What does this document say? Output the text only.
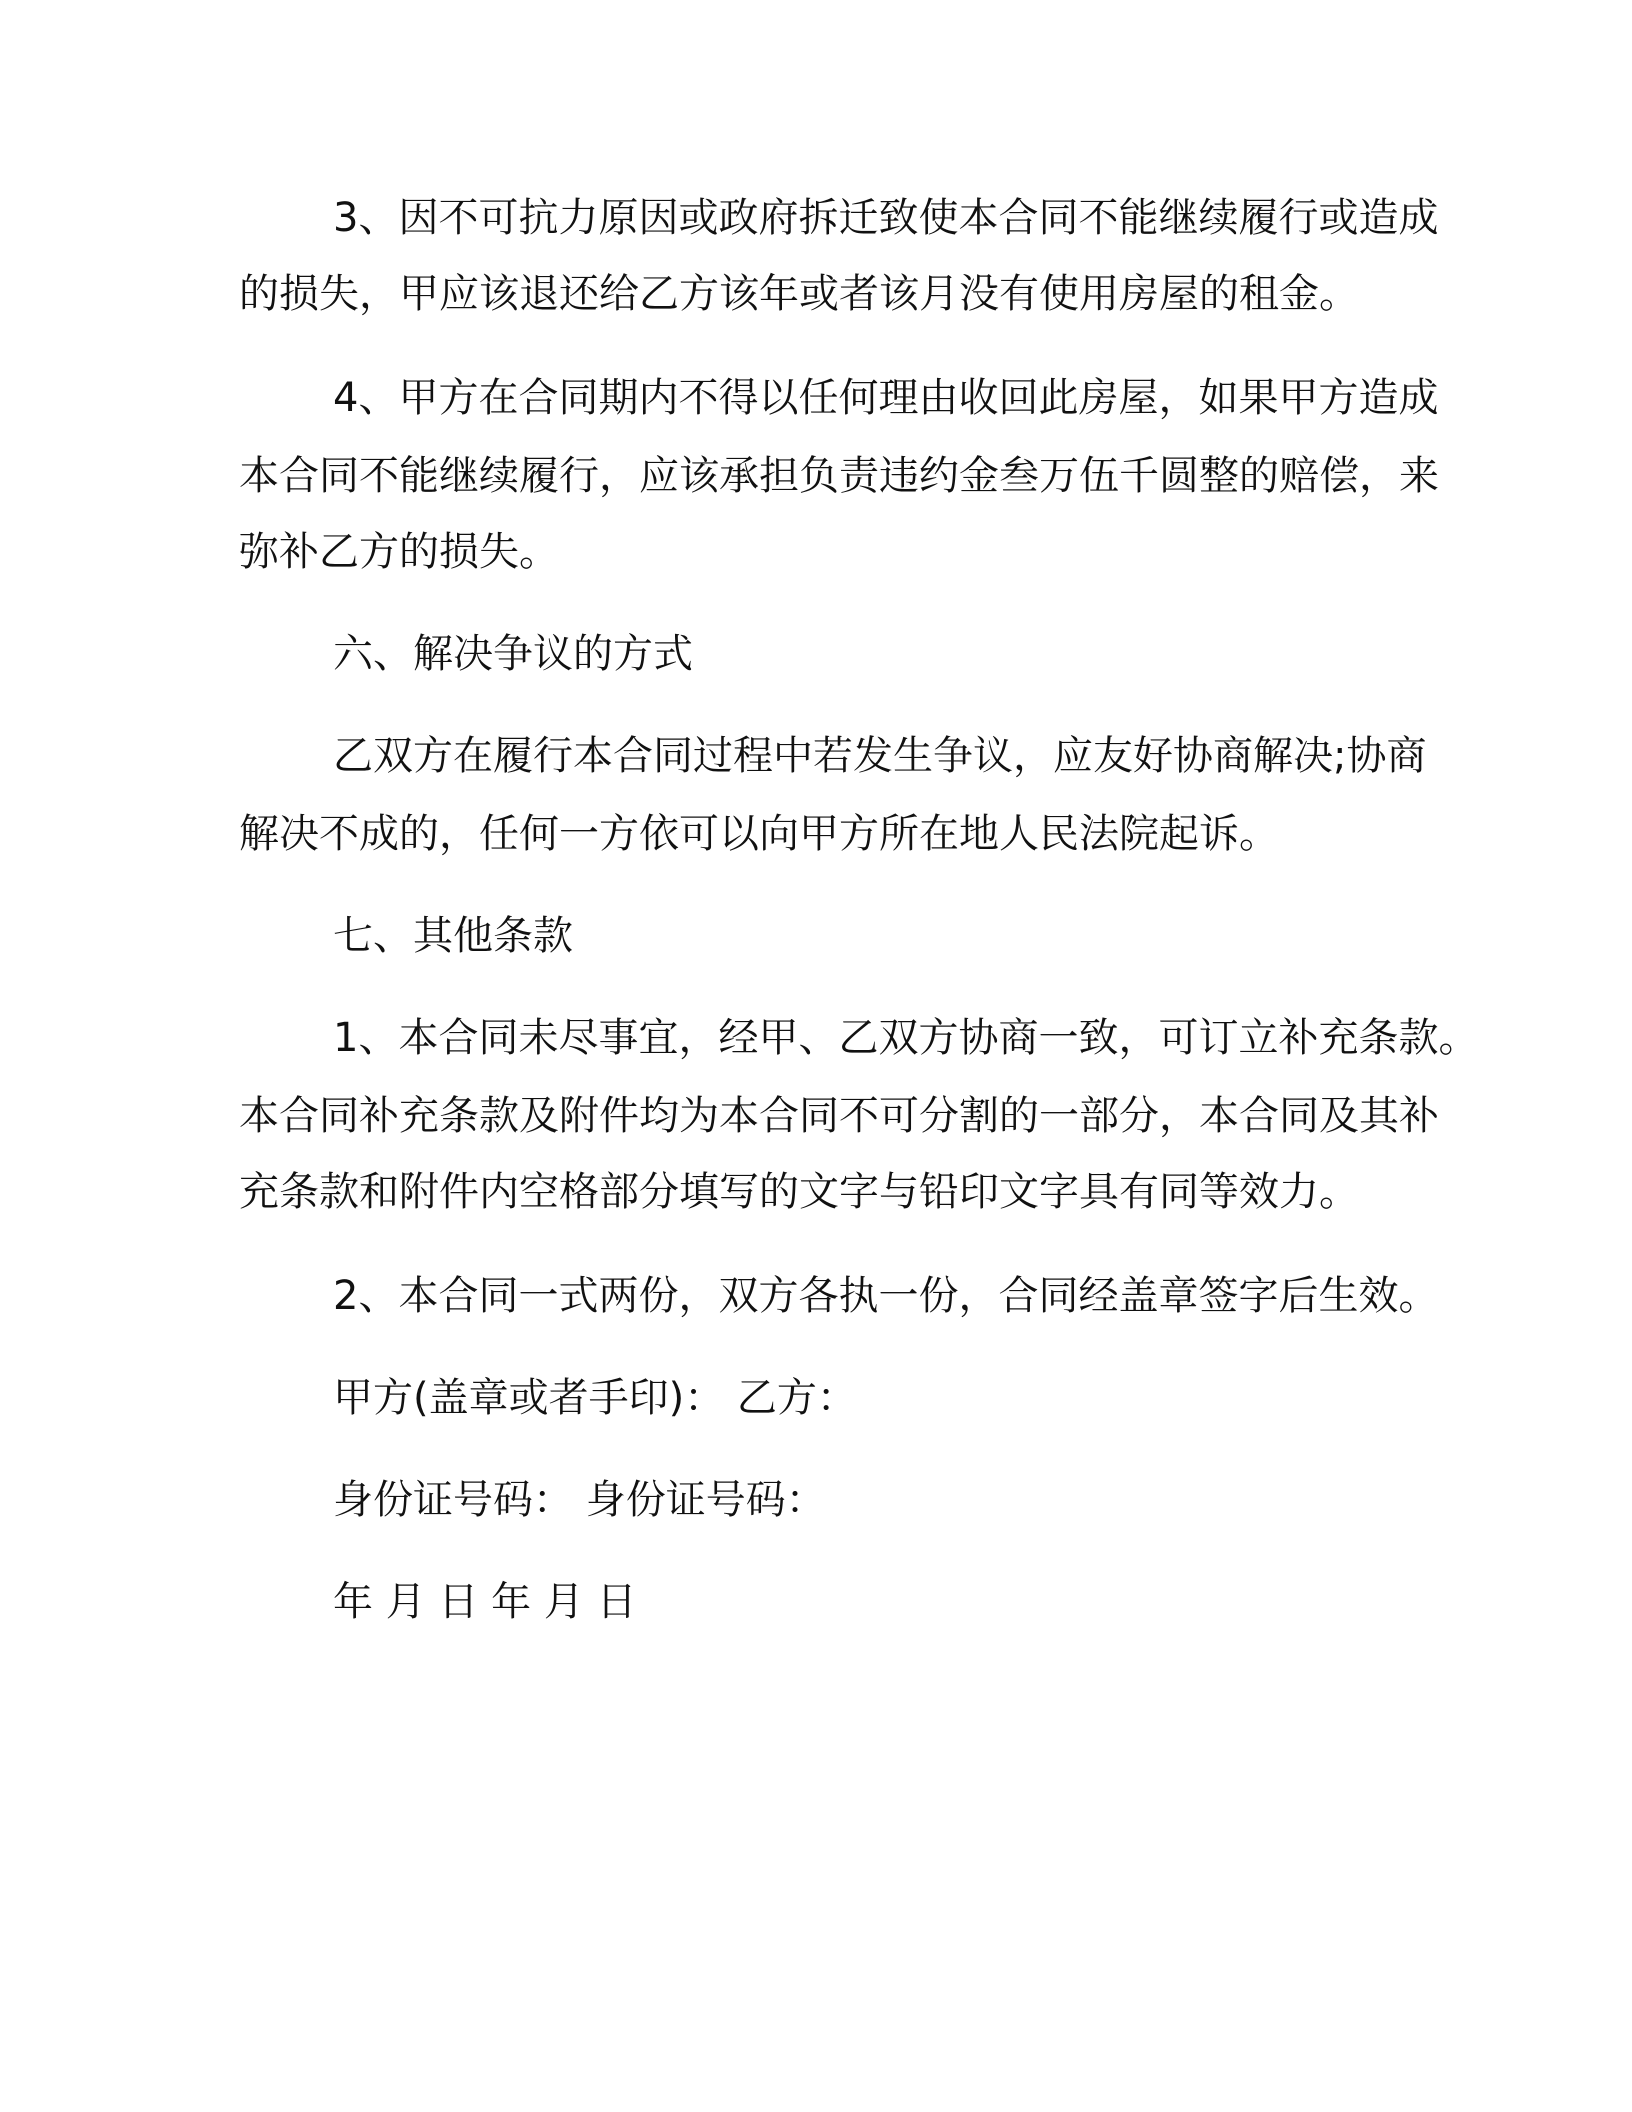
3、因不可抗力原因或政府拆迁致使本合同不能继续履行或造成
的损失，甲应该退还给乙方该年或者该月没有使用房屋的租金。
4、甲方在合同期内不得以任何理由收回此房屋，如果甲方造成
本合同不能继续履行，应该承担负责违约金叁万伍千圆整的赔偿，来
弥补乙方的损失。
六、解决争议的方式
乙双方在履行本合同过程中若发生争议，应友好协商解决;协商
解决不成的，任何一方依可以向甲方所在地人民法院起诉。
七、其他条款
1、本合同未尽事宜，经甲、乙双方协商一致，可订立补充条款。
本合同补充条款及附件均为本合同不可分割的一部分，本合同及其补
充条款和附件内空格部分填写的文字与铅印文字具有同等效力。
2、本合同一式两份，双方各执一份，合同经盖章签字后生效。
甲方(盖章或者手印)： 乙方：
身份证号码： 身份证号码：
年 月 日 年 月 日
